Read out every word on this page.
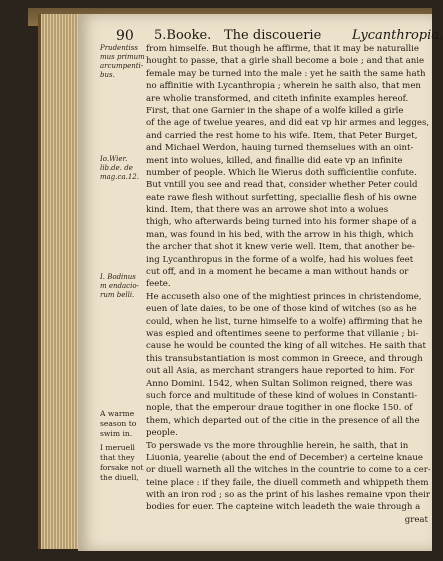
90 5.Booke. The discouerie Lycanthropia.
Prudentiss
mus primum
arcumpenti-
bus.
Io.Wier.
lib.de. de
mag.ca.12.
I. Bodinus
m endacio-
rum belli.
A warme
season to
swim in.
I meruell
that they
forsake not
the diuell,
from himselfe. But though he affirme, that it may be naturallie
hought to passe, that a girle shall become a boie ; and that anie
female may be turned into the male : yet he saith the same hath
no affinitie with Lycanthropia ; wherein he saith also, that men
are wholie transformed, and citeth infinite examples hereof.
First, that one Garnier in the shape of a wolfe killed a girle
of the age of twelue yeares, and did eat vp hir armes and legges,
and carried the rest home to his wife. Item, that Peter Burget,
and Michael Werdon, hauing turned themselues with an oint-
ment into wolues, killed, and finallie did eate vp an infinite
number of people. Which lie Wierus doth sufficientlie confute.
But vntill you see and read that, consider whether Peter could
eate rawe flesh without surfetting, speciallie flesh of his owne
kind. Item, that there was an arrowe shot into a wolues
thigh, who afterwards being turned into his former shape of a
man, was found in his bed, with the arrow in his thigh, which
the archer that shot it knew verie well. Item, that another be-
ing Lycanthropus in the forme of a wolfe, had his wolues feet
cut off, and in a moment he became a man without hands or
feete.
He accuseth also one of the mightiest princes in christendome,
euen of late daies, to be one of those kind of witches (so as he
could, when he list, turne himselfe to a wolfe) affirming that he
was espied and oftentimes seene to performe that villanie ; bi-
cause he would be counted the king of all witches. He saith that
this transubstantiation is most common in Greece, and through
out all Asia, as merchant strangers haue reported to him. For
Anno Domini. 1542, when Sultan Solimon reigned, there was
such force and multitude of these kind of wolues in Constanti-
nople, that the emperour draue togither in one flocke 150. of
them, which departed out of the citie in the presence of all the
people.
To perswade vs the more throughlie herein, he saith, that in
Liuonia, yearelie (about the end of December) a certeine knaue
or diuell warneth all the witches in the countrie to come to a cer-
teine place : if they faile, the diuell commeth and whippeth them
with an iron rod ; so as the print of his lashes remaine vpon their
bodies for euer. The capteine witch leadeth the waie through a
great
